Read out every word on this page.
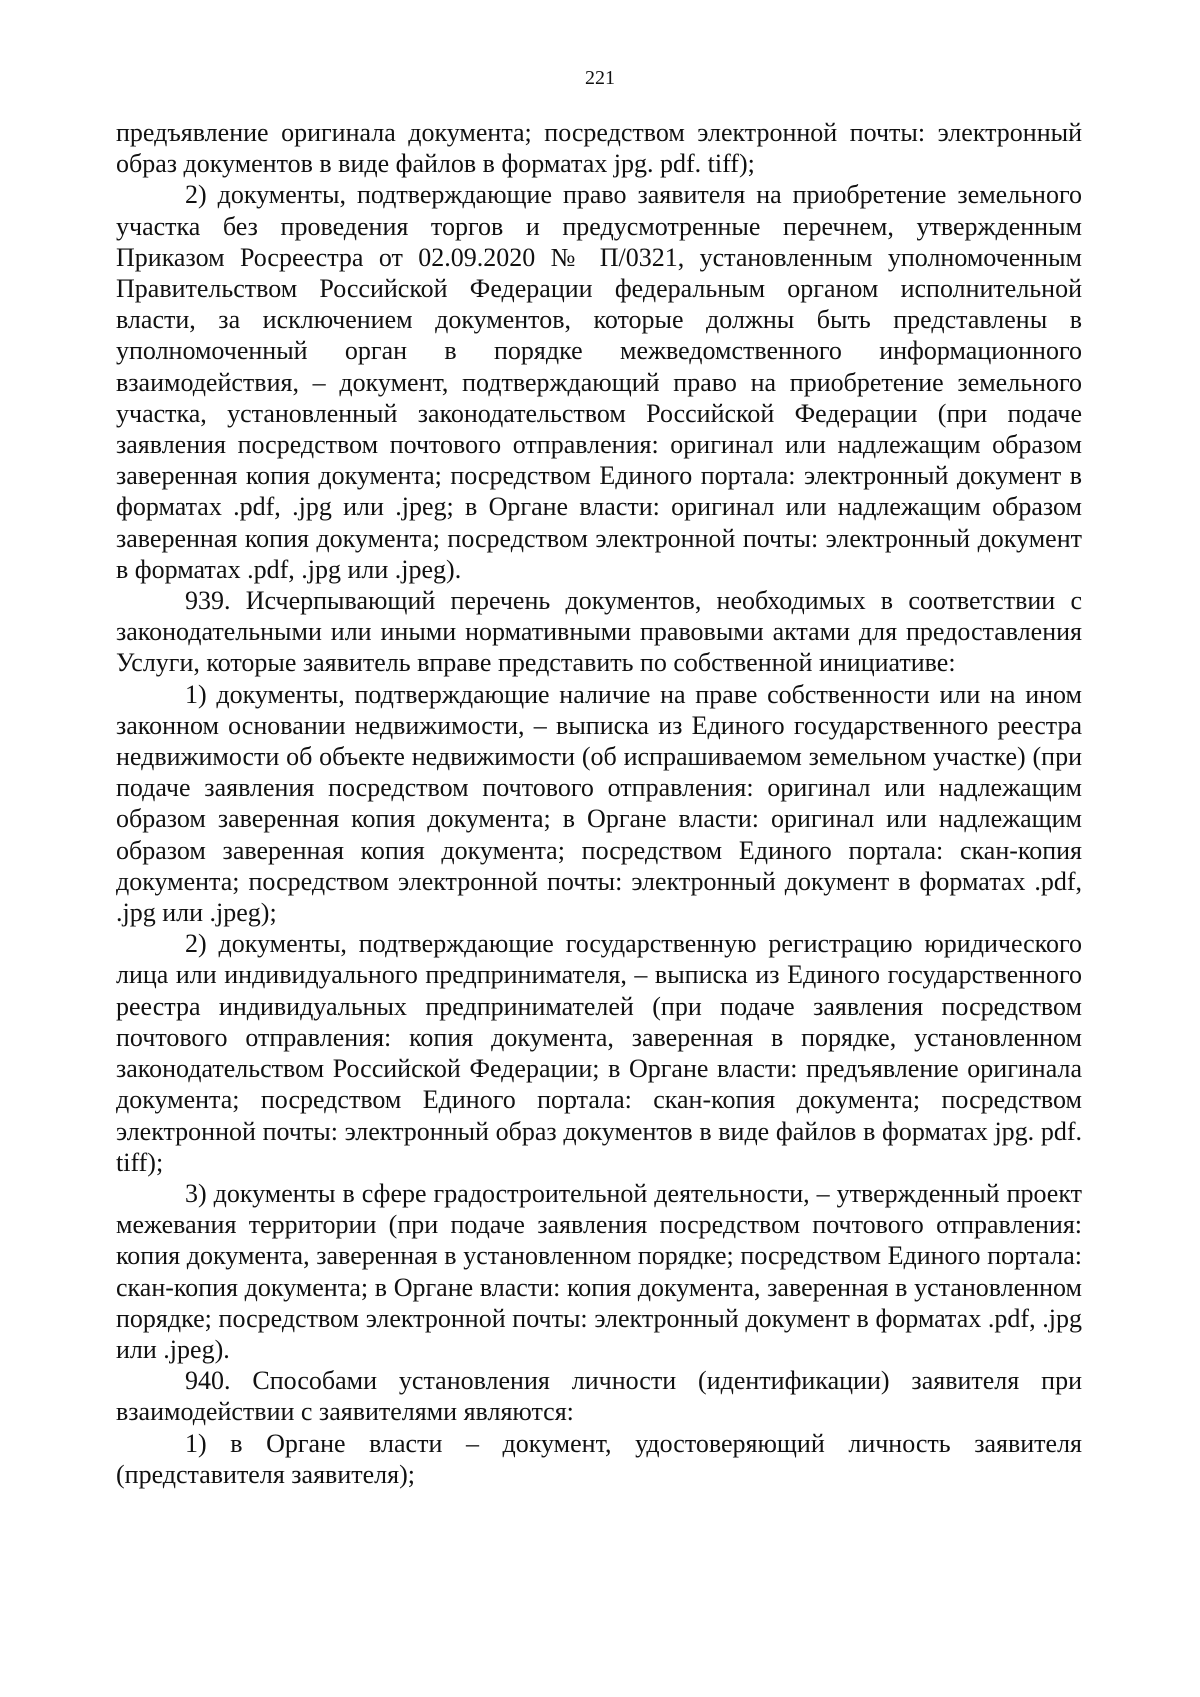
221

предъявление оригинала документа; посредством электронной почты: электронный образ документов в виде файлов в форматах jpg. pdf. tiff);

2) документы, подтверждающие право заявителя на приобретение земельного участка без проведения торгов и предусмотренные перечнем, утвержденным Приказом Росреестра от 02.09.2020 № П/0321, установленным уполномоченным Правительством Российской Федерации федеральным органом исполнительной власти, за исключением документов, которые должны быть представлены в уполномоченный орган в порядке межведомственного информационного взаимодействия, – документ, подтверждающий право на приобретение земельного участка, установленный законодательством Российской Федерации (при подаче заявления посредством почтового отправления: оригинал или надлежащим образом заверенная копия документа; посредством Единого портала: электронный документ в форматах .pdf, .jpg или .jpeg; в Органе власти: оригинал или надлежащим образом заверенная копия документа; посредством электронной почты: электронный документ в форматах .pdf, .jpg или .jpeg).

939. Исчерпывающий перечень документов, необходимых в соответствии с законодательными или иными нормативными правовыми актами для предоставления Услуги, которые заявитель вправе представить по собственной инициативе:

1) документы, подтверждающие наличие на праве собственности или на ином законном основании недвижимости, – выписка из Единого государственного реестра недвижимости об объекте недвижимости (об испрашиваемом земельном участке) (при подаче заявления посредством почтового отправления: оригинал или надлежащим образом заверенная копия документа; в Органе власти: оригинал или надлежащим образом заверенная копия документа; посредством Единого портала: скан-копия документа; посредством электронной почты: электронный документ в форматах .pdf, .jpg или .jpeg);

2) документы, подтверждающие государственную регистрацию юридического лица или индивидуального предпринимателя, – выписка из Единого государственного реестра индивидуальных предпринимателей (при подаче заявления посредством почтового отправления: копия документа, заверенная в порядке, установленном законодательством Российской Федерации; в Органе власти: предъявление оригинала документа; посредством Единого портала: скан-копия документа; посредством электронной почты: электронный образ документов в виде файлов в форматах jpg. pdf. tiff);

3) документы в сфере градостроительной деятельности, – утвержденный проект межевания территории (при подаче заявления посредством почтового отправления: копия документа, заверенная в установленном порядке; посредством Единого портала: скан-копия документа; в Органе власти: копия документа, заверенная в установленном порядке; посредством электронной почты: электронный документ в форматах .pdf, .jpg или .jpeg).

940. Способами установления личности (идентификации) заявителя при взаимодействии с заявителями являются:

1) в Органе власти – документ, удостоверяющий личность заявителя (представителя заявителя);
